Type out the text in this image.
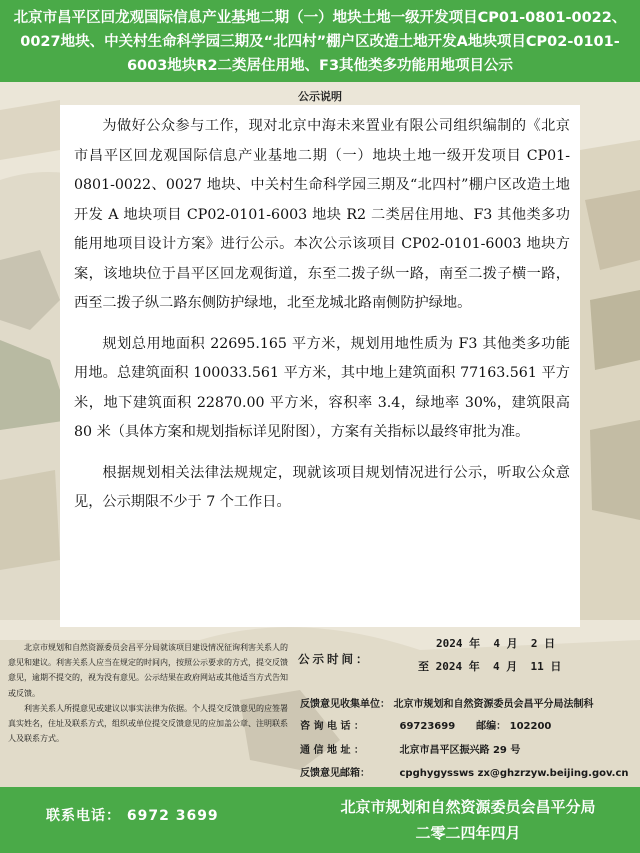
北京市昌平区回龙观国际信息产业基地二期（一）地块土地一级开发项目CP01-0801-0022、0027地块、中关村生命科学园三期及“北四村”棚户区改造土地开发A地块项目CP02-0101-6003地块R2二类居住用地、F3其他类多功能用地项目公示
公示说明

为做好公众参与工作，现对北京中海未来置业有限公司组织编制的《北京市昌平区回龙观国际信息产业基地二期（一）地块土地一级开发项目 CP01-0801-0022、0027 地块、中关村生命科学园三期及“北四村”棚户区改造土地开发 A 地块项目 CP02-0101-6003 地块 R2 二类居住用地、F3 其他类多功能用地项目设计方案》进行公示。本次公示该项目 CP02-0101-6003 地块方案，该地块位于昌平区回龙观街道，东至二拨子纵一路，南至二拨子横一路，西至二拨子纵二路东侧防护绿地，北至龙城北路南侧防护绿地。

规划总用地面积 22695.165 平方米，规划用地性质为 F3 其他类多功能用地。总建筑面积 100033.561 平方米，其中地上建筑面积 77163.561 平方米，地下建筑面积 22870.00 平方米，容积率 3.4，绿地率 30%，建筑限高 80 米（具体方案和规划指标详见附图），方案有关指标以最终审批为准。

根据规划相关法律法规规定，现就该项目规划情况进行公示，听取公众意见，公示期限不少于 7 个工作日。

北京市规划和自然资源委员会昌平分局就该项目建设情况征询利害关系人的意见和建议。利害关系人应当在规定的时间内，按照公示要求的方式，提交反馈意见，逾期不提交的，视为没有意见。公示结果在政府网站或其他适当方式告知或反馈。

利害关系人所提意见或建议以事实法律为依据。个人提交反馈意见的应签署真实姓名，住址及联系方式，组织或单位提交反馈意见的应加盖公章、注明联系人及联系方式。

公示时间：
2024 年  4 月  2 日
至 2024 年  4 月  11 日
反馈意见收集单位： 北京市规划和自然资源委员会昌平分局法制科
咨 询 电 话 ：	69723699 邮编： 102200
通 信 地 址 ：	北京市昌平区振兴路 29 号
反馈意见邮箱：	cpghygyssws zx@ghzrzyw.beijing.gov.cn
联系电话： 6972 3699	北京市规划和自然资源委员会昌平分局
二零二四年四月
